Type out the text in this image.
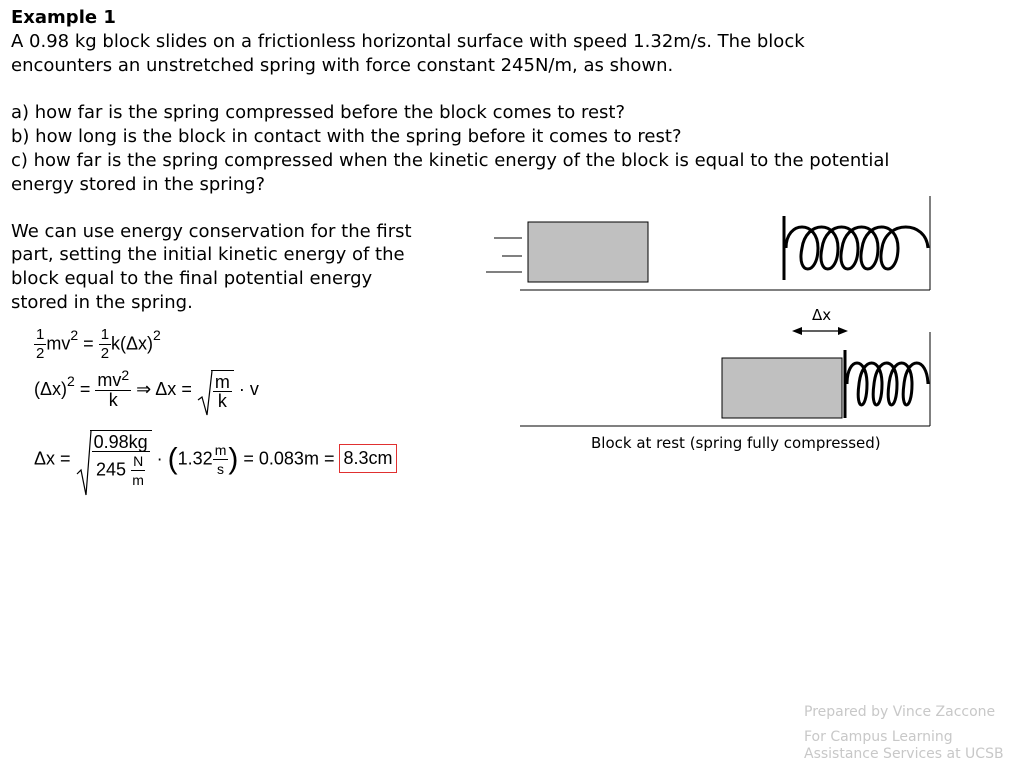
Example 1
A 0.98 kg block slides on a frictionless horizontal surface with speed 1.32m/s. The block
encounters an unstretched spring with force constant 245N/m, as shown.
a) how far is the spring compressed before the block comes to rest?
b) how long is the block in contact with the spring before it comes to rest?
c) how far is the spring compressed when the kinetic energy of the block is equal to the potential
energy stored in the spring?
We can use energy conservation for the first
part, setting the initial kinetic energy of the
block equal to the final potential energy
stored in the spring.
$\frac{1}{2} mv^2 = \frac{1}{2} k(\Delta x)^2$
$(\Delta x)^2 = \frac{mv^2}{k}$ ⇒ $\Delta x = \frac{m}{k} \cdot v$
$\Delta x = \frac{0.98kg}{245 \frac{N}{m}} \cdot (1.32 \frac{m}{s}$ ) = 0.083m = 8.3cm
Δx
Block at rest (spring fully compressed)
Prepared by Vince Zaccone
For Campus Learning
Assistance Services at UCSB
